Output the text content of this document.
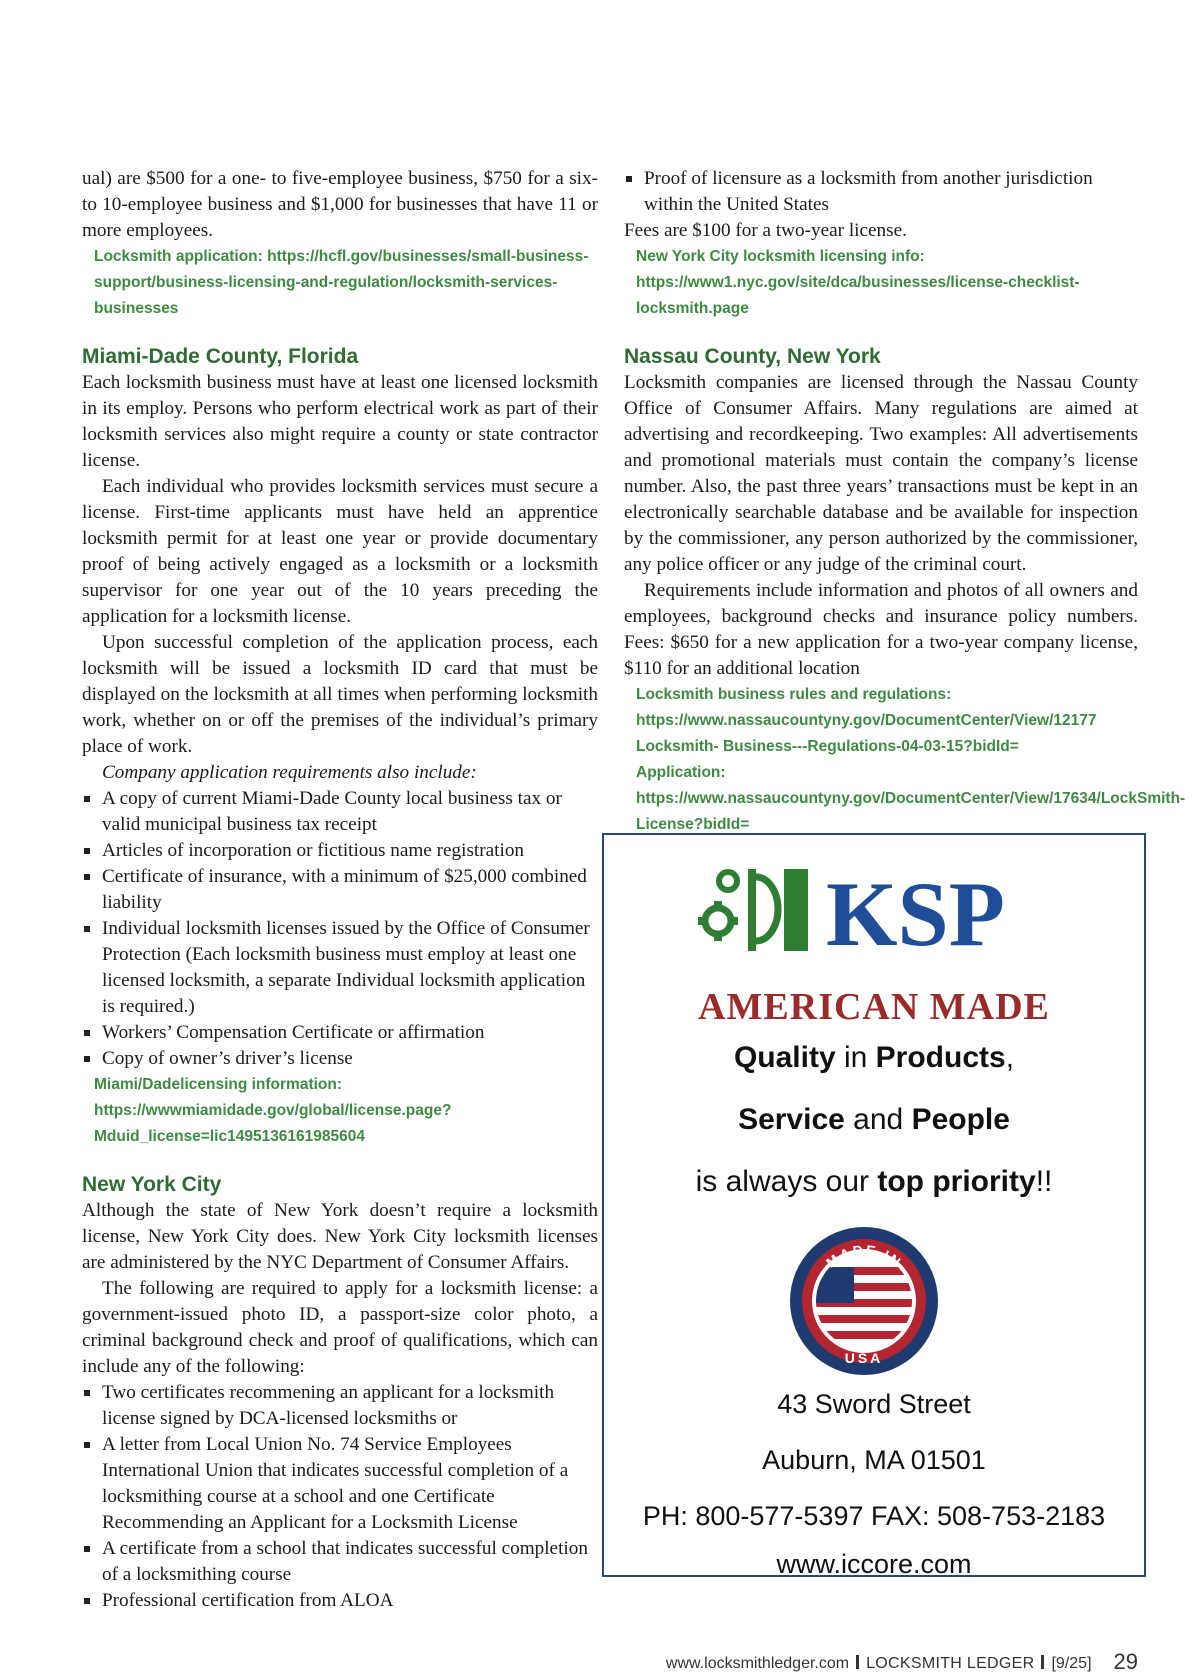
ual) are $500 for a one- to five-employee business, $750 for a six- to 10-employee business and $1,000 for businesses that have 11 or more employees.

Locksmith application: https://hcfl.gov/businesses/small-business-support/business-licensing-and-regulation/locksmith-services-businesses
Miami-Dade County, Florida

Each locksmith business must have at least one licensed locksmith in its employ. Persons who perform electrical work as part of their locksmith services also might require a county or state contractor license.

Each individual who provides locksmith services must secure a license. First-time applicants must have held an apprentice locksmith permit for at least one year or provide documentary proof of being actively engaged as a locksmith or a locksmith supervisor for one year out of the 10 years preceding the application for a locksmith license.

Upon successful completion of the application process, each locksmith will be issued a locksmith ID card that must be displayed on the locksmith at all times when performing locksmith work, whether on or off the premises of the individual’s primary place of work.

Company application requirements also include:

A copy of current Miami-Dade County local business tax or valid municipal business tax receipt
Articles of incorporation or fictitious name registration
Certificate of insurance, with a minimum of $25,000 combined liability
Individual locksmith licenses issued by the Office of Consumer Protection (Each locksmith business must employ at least one licensed locksmith, a separate Individual locksmith application is required.)
Workers’ Compensation Certificate or affirmation
Copy of owner’s driver’s license
Miami/Dadelicensing information: https://wwwmiamidade.gov/global/license.page? Mduid_license=lic1495136161985604
New York City

Although the state of New York doesn’t require a locksmith license, New York City does. New York City locksmith licenses are administered by the NYC Department of Consumer Affairs.

The following are required to apply for a locksmith license: a government-issued photo ID, a passport-size color photo, a criminal background check and proof of qualifications, which can include any of the following:

Two certificates recommening an applicant for a locksmith license signed by DCA-licensed locksmiths or
A letter from Local Union No. 74 Service Employees International Union that indicates successful completion of a locksmithing course at a school and one Certificate Recommending an Applicant for a Locksmith License
A certificate from a school that indicates successful completion of a locksmithing course
Professional certification from ALOA
Proof of licensure as a locksmith from another jurisdiction within the United States

Fees are $100 for a two-year license.

New York City locksmith licensing info: https://www1.nyc.gov/site/dca/businesses/license-checklist-locksmith.page
Nassau County, New York

Locksmith companies are licensed through the Nassau County Office of Consumer Affairs. Many regulations are aimed at advertising and recordkeeping. Two examples: All advertisements and promotional materials must contain the company’s license number. Also, the past three years’ transactions must be kept in an electronically searchable database and be available for inspection by the commissioner, any person authorized by the commissioner, any police officer or any judge of the criminal court.

Requirements include information and photos of all owners and employees, background checks and insurance policy numbers. Fees: $650 for a new application for a two-year company license, $110 for an additional location

Locksmith business rules and regulations: https://www.nassaucountyny.gov/DocumentCenter/View/12177 Locksmith- Business---Regulations-04-03-15?bidId=
Application: https://www.nassaucountyny.gov/DocumentCenter/View/17634/LockSmith-License?bidId=
KSP
AMERICAN MADE
Quality in Products,
Service and People
is always our top priority!!
MADE IN
USA
43 Sword Street
Auburn, MA 01501
PH: 800-577-5397 FAX: 508-753-2183
www.iccore.com
www.locksmithledger.com LOCKSMITH LEDGER [9/25] 29
